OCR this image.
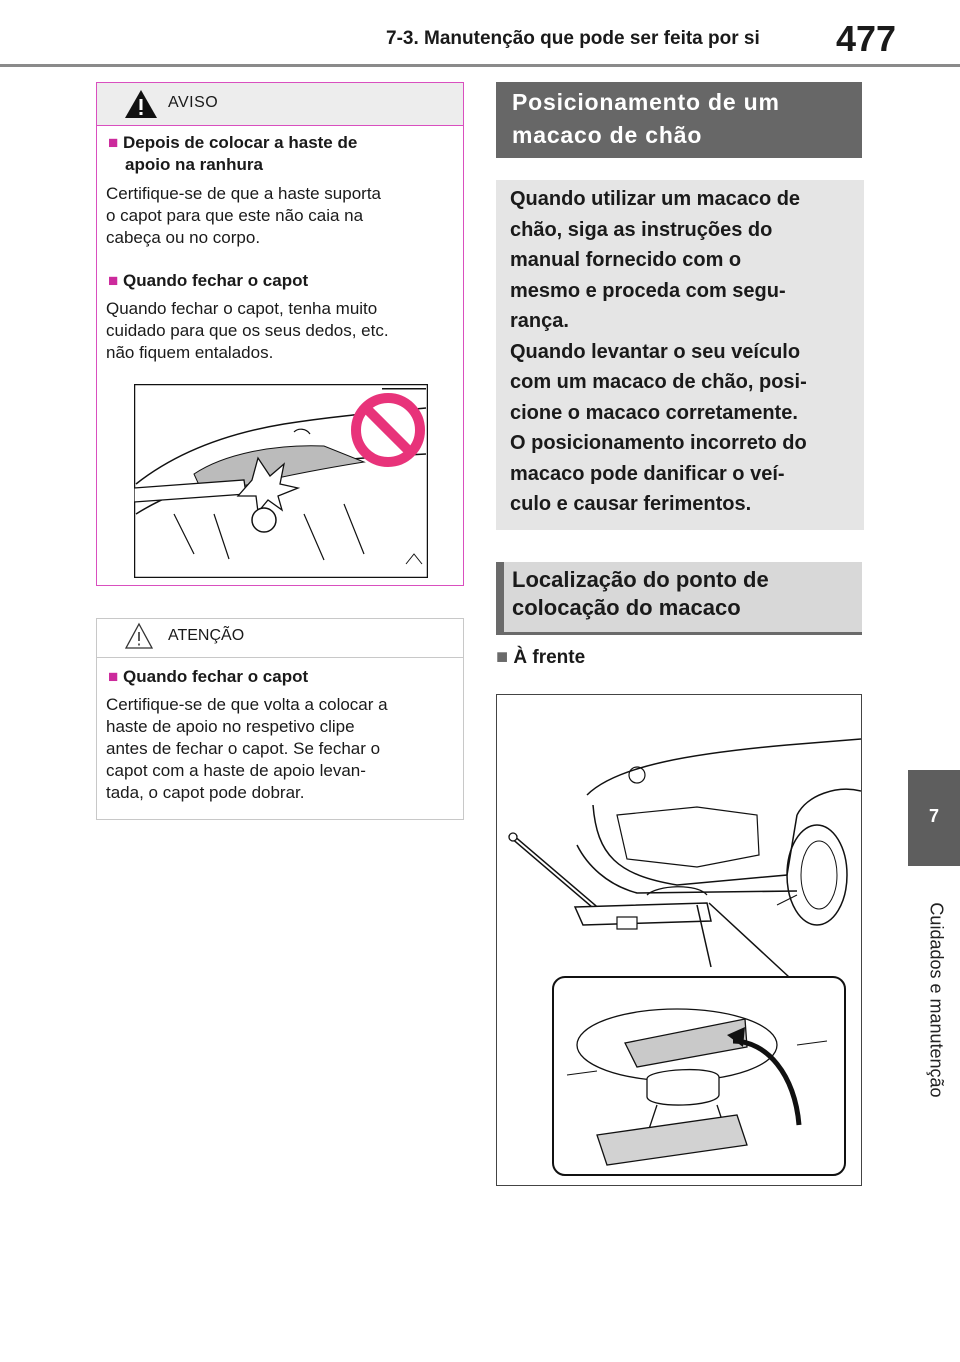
7-3. Manutenção que pode ser feita por si 477
7
Cuidados e manutenção
AVISO
■ Depois de colocar a haste de
apoio na ranhura
Certifique-se de que a haste suporta
o capot para que este não caia na
cabeça ou no corpo.
■ Quando fechar o capot
Quando fechar o capot, tenha muito
cuidado para que os seus dedos, etc.
não fiquem entalados.
ATENÇÃO
■ Quando fechar o capot
Certifique-se de que volta a colocar a
haste de apoio no respetivo clipe
antes de fechar o capot. Se fechar o
capot com a haste de apoio levan-
tada, o capot pode dobrar.
Posicionamento de um
macaco de chão
Quando utilizar um macaco de
chão, siga as instruções do
manual fornecido com o
mesmo e proceda com segu-
rança.
Quando levantar o seu veículo
com um macaco de chão, posi-
cione o macaco corretamente.
O posicionamento incorreto do
macaco pode danificar o veí-
culo e causar ferimentos.
Localização do ponto de
colocação do macaco
■ À frente
